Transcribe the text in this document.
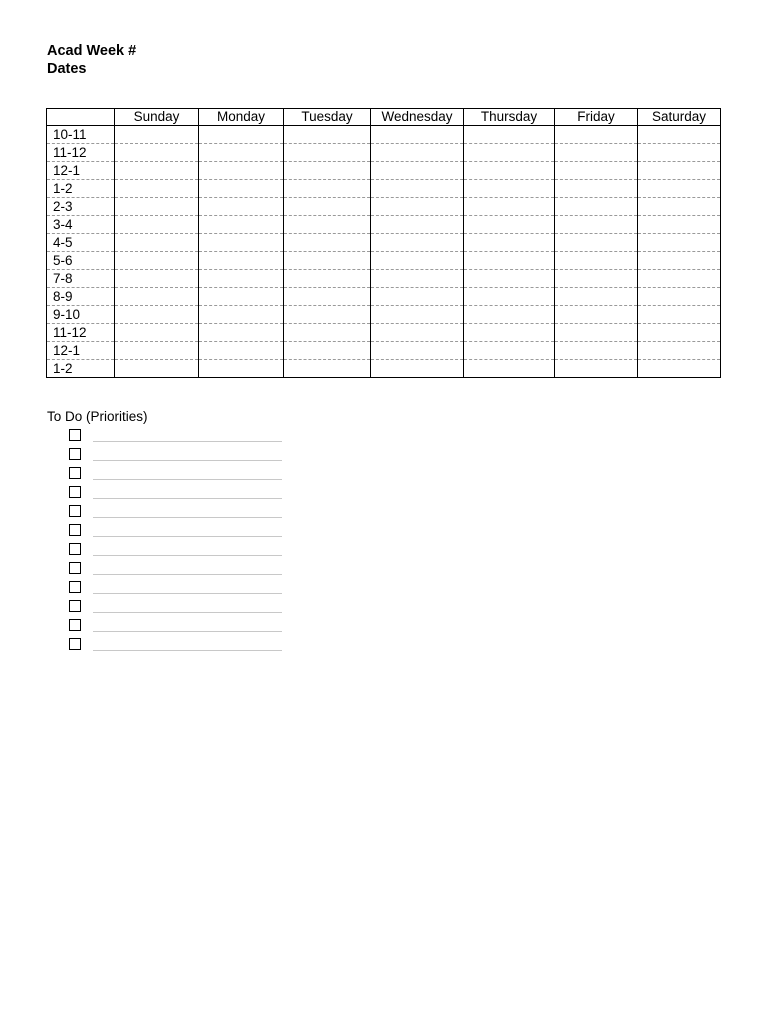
Acad Week #
Dates
	Sunday	Monday	Tuesday	Wednesday	Thursday	Friday	Saturday
10-11							
11-12							
12-1							
1-2							
2-3							
3-4							
4-5							
5-6							
7-8							
8-9							
9-10							
11-12							
12-1							
1-2							
To Do (Priorities)
